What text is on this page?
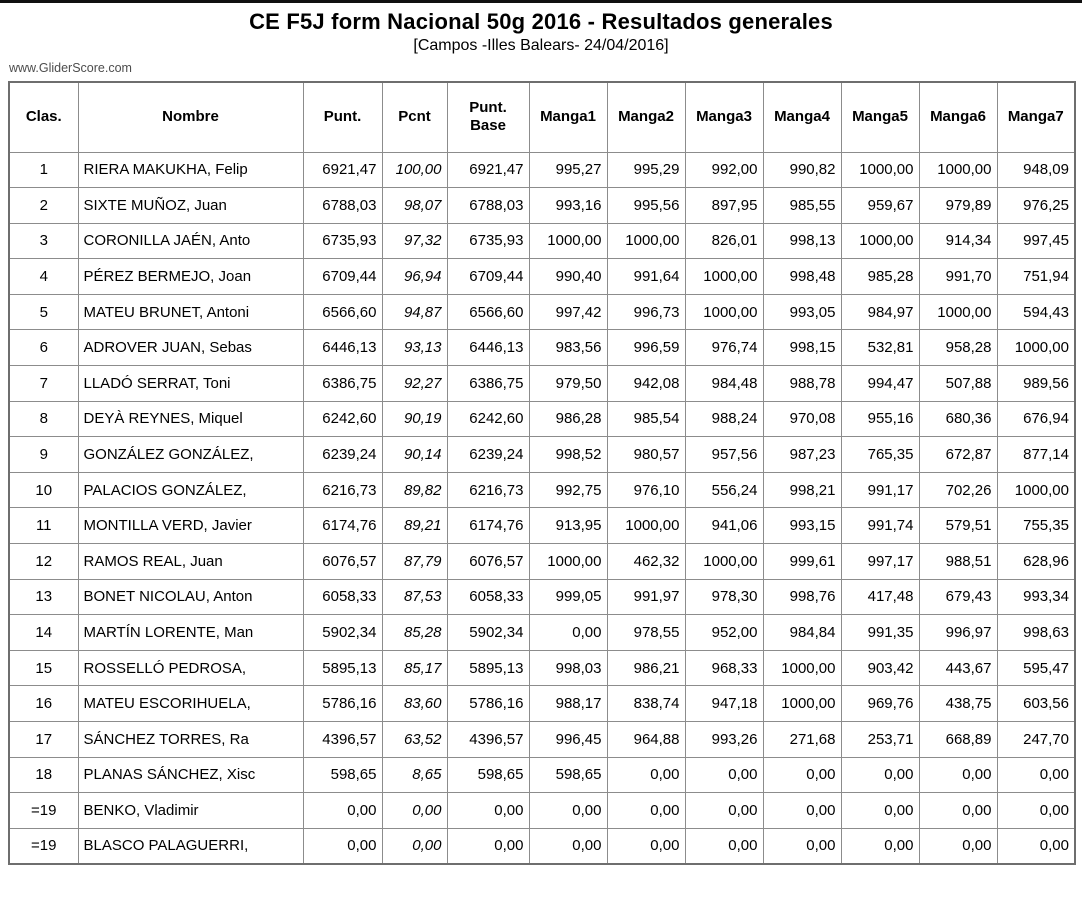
CE F5J form Nacional 50g 2016 - Resultados generales
[Campos -Illes Balears- 24/04/2016]
www.GliderScore.com
Clas.	Nombre	Punt.	Pcnt	Punt. Base	Manga1	Manga2	Manga3	Manga4	Manga5	Manga6	Manga7
1	RIERA MAKUKHA, Felip	6921,47	100,00	6921,47	995,27	995,29	992,00	990,82	1000,00	1000,00	948,09
2	SIXTE MUÑOZ, Juan	6788,03	98,07	6788,03	993,16	995,56	897,95	985,55	959,67	979,89	976,25
3	CORONILLA JAÉN, Anto	6735,93	97,32	6735,93	1000,00	1000,00	826,01	998,13	1000,00	914,34	997,45
4	PÉREZ BERMEJO, Joan	6709,44	96,94	6709,44	990,40	991,64	1000,00	998,48	985,28	991,70	751,94
5	MATEU BRUNET, Antoni	6566,60	94,87	6566,60	997,42	996,73	1000,00	993,05	984,97	1000,00	594,43
6	ADROVER JUAN, Sebas	6446,13	93,13	6446,13	983,56	996,59	976,74	998,15	532,81	958,28	1000,00
7	LLADÓ SERRAT, Toni	6386,75	92,27	6386,75	979,50	942,08	984,48	988,78	994,47	507,88	989,56
8	DEYÀ REYNES, Miquel	6242,60	90,19	6242,60	986,28	985,54	988,24	970,08	955,16	680,36	676,94
9	GONZÁLEZ GONZÁLEZ,	6239,24	90,14	6239,24	998,52	980,57	957,56	987,23	765,35	672,87	877,14
10	PALACIOS GONZÁLEZ,	6216,73	89,82	6216,73	992,75	976,10	556,24	998,21	991,17	702,26	1000,00
11	MONTILLA VERD, Javier	6174,76	89,21	6174,76	913,95	1000,00	941,06	993,15	991,74	579,51	755,35
12	RAMOS REAL, Juan	6076,57	87,79	6076,57	1000,00	462,32	1000,00	999,61	997,17	988,51	628,96
13	BONET NICOLAU, Anton	6058,33	87,53	6058,33	999,05	991,97	978,30	998,76	417,48	679,43	993,34
14	MARTÍN LORENTE, Man	5902,34	85,28	5902,34	0,00	978,55	952,00	984,84	991,35	996,97	998,63
15	ROSSELLÓ PEDROSA,	5895,13	85,17	5895,13	998,03	986,21	968,33	1000,00	903,42	443,67	595,47
16	MATEU ESCORIHUELA,	5786,16	83,60	5786,16	988,17	838,74	947,18	1000,00	969,76	438,75	603,56
17	SÁNCHEZ TORRES, Ra	4396,57	63,52	4396,57	996,45	964,88	993,26	271,68	253,71	668,89	247,70
18	PLANAS SÁNCHEZ, Xisc	598,65	8,65	598,65	598,65	0,00	0,00	0,00	0,00	0,00	0,00
=19	BENKO, Vladimir	0,00	0,00	0,00	0,00	0,00	0,00	0,00	0,00	0,00	0,00
=19	BLASCO PALAGUERRI,	0,00	0,00	0,00	0,00	0,00	0,00	0,00	0,00	0,00	0,00
